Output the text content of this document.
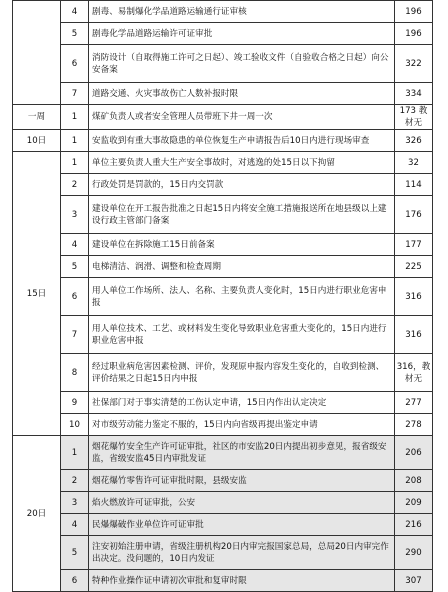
	4	剧毒、易制爆化学品道路运输通行证审核	196
	5	剧毒化学品道路运输许可证审批	196
	6	消防设计（自取得施工许可之日起）、竣工验收文件（自验收合格之日起）向公安备案	322
	7	道路交通、火灾事故伤亡人数补报时限	334
一周	1	煤矿负责人或者安全管理人员带班下井一周一次	173 教材无
10日	1	安监收到有重大事故隐患的单位恢复生产申请报告后10日内进行现场审查	326
15日	1	单位主要负责人重大生产安全事故时，对逃逸的处15日以下拘留	32
	2	行政处罚是罚款的，15日内交罚款	114
	3	建设单位在开工报告批准之日起15日内将安全施工措施报送所在地县级以上建设行政主管部门备案	176
	4	建设单位在拆除施工15日前备案	177
	5	电梯清洁、润滑、调整和检查周期	225
	6	用人单位工作场所、法人、名称、主要负责人变化时，15日内进行职业危害申报	316
	7	用人单位技术、工艺、或材料发生变化导致职业危害重大变化的，15日内进行职业危害申报	316
	8	经过职业病危害因素检测、评价，发现原申报内容发生变化的，自收到检测、评价结果之日起15日内申报	316，教材无
	9	社保部门对于事实清楚的工伤认定申请，15日内作出认定决定	277
	10	对市级劳动能力鉴定不服的，15日内向省级再提出鉴定申请	278
20日	1	烟花爆竹安全生产许可证审批，社区的市安监20日内提出初步意见，报省级安监，省级安监45日内审批发证	206
	2	烟花爆竹零售许可证审批时限，县级安监	208
	3	焰火燃放许可证审批，公安	209
	4	民爆爆破作业单位许可证审批	216
	5	注安初始注册申请，省级注册机构20日内审完报国家总局，总局20日内审完作出决定。没问题的，10日内发证	290
	6	特种作业操作证申请初次审批和复审时限	307
